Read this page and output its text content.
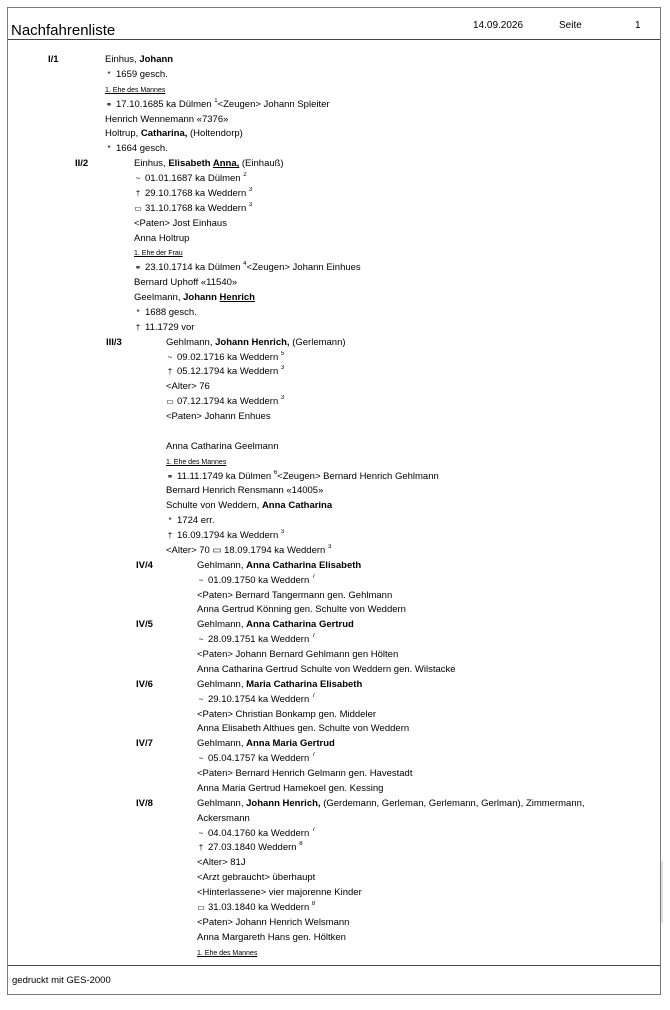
Nachfahrenliste	14.09.2026	Seite	1
I/1	Einhus, Johann
* 1659 gesch.
1. Ehe des Mannes
⚭ 17.10.1685 ka Dülmen $^1$<Zeugen> Johann Spleiter
Henrich Wennemann «7376»
Holtrup, Catharina, (Holtendorp)
* 1664 gesch.
II/2	Einhus, Elisabeth Anna, (Einhauß)
~ 01.01.1687 ka Dülmen $^2$
† 29.10.1768 ka Weddern $^3$
▭ 31.10.1768 ka Weddern $^3$
<Paten> Jost Einhaus
Anna Holtrup
1. Ehe der Frau
⚭ 23.10.1714 ka Dülmen $^4$<Zeugen> Johann Einhues
Bernard Uphoff «11540»
Geelmann, Johann Henrich
* 1688 gesch.
† 11.1729 vor
III/3	Gehlmann, Johann Henrich, (Gerlemann)
~ 09.02.1716 ka Weddern $^5$
† 05.12.1794 ka Weddern $^3$
<Alter> 76
▭ 07.12.1794 ka Weddern $^3$
<Paten> Johann Enhues
Anna Catharina Geelmann
1. Ehe des Mannes
⚭ 11.11.1749 ka Dülmen $^6$<Zeugen> Bernard Henrich Gehlmann
Bernard Henrich Rensmann «14005»
Schulte von Weddern, Anna Catharina
* 1724 err.
† 16.09.1794 ka Weddern $^3$
<Alter> 70 ▭ 18.09.1794 ka Weddern $^3$
IV/4	Gehlmann, Anna Catharina Elisabeth
~ 01.09.1750 ka Weddern $^7$
<Paten> Bernard Tangermann gen. Gehlmann
Anna Gertrud Könning gen. Schulte von Weddern
IV/5	Gehlmann, Anna Catharina Gertrud
~ 28.09.1751 ka Weddern $^7$
<Paten> Johann Bernard Gehlmann gen Hölten
Anna Catharina Gertrud Schulte von Weddern gen. Wilstacke
IV/6	Gehlmann, Maria Catharina Elisabeth
~ 29.10.1754 ka Weddern $^7$
<Paten> Christian Bonkamp gen. Middeler
Anna Elisabeth Althues gen. Schulte von Weddern
IV/7	Gehlmann, Anna Maria Gertrud
~ 05.04.1757 ka Weddern $^7$
<Paten> Bernard Henrich Gelmann gen. Havestadt
Anna Maria Gertrud Hamekoel gen. Kessing
IV/8	Gehlmann, Johann Henrich, (Gerdemann, Gerleman, Gerlemann, Gerlman), Zimmermann,
Ackersmann
~ 04.04.1760 ka Weddern $^7$
† 27.03.1840 Weddern $^8$
<Alter> 81J
<Arzt gebraucht> überhaupt
<Hinterlassene> vier majorenne Kinder
▭ 31.03.1840 ka Weddern $^8$
<Paten> Johann Henrich Welsmann
Anna Margareth Hans gen. Höltken
1. Ehe des Mannes
gedruckt mit GES-2000
